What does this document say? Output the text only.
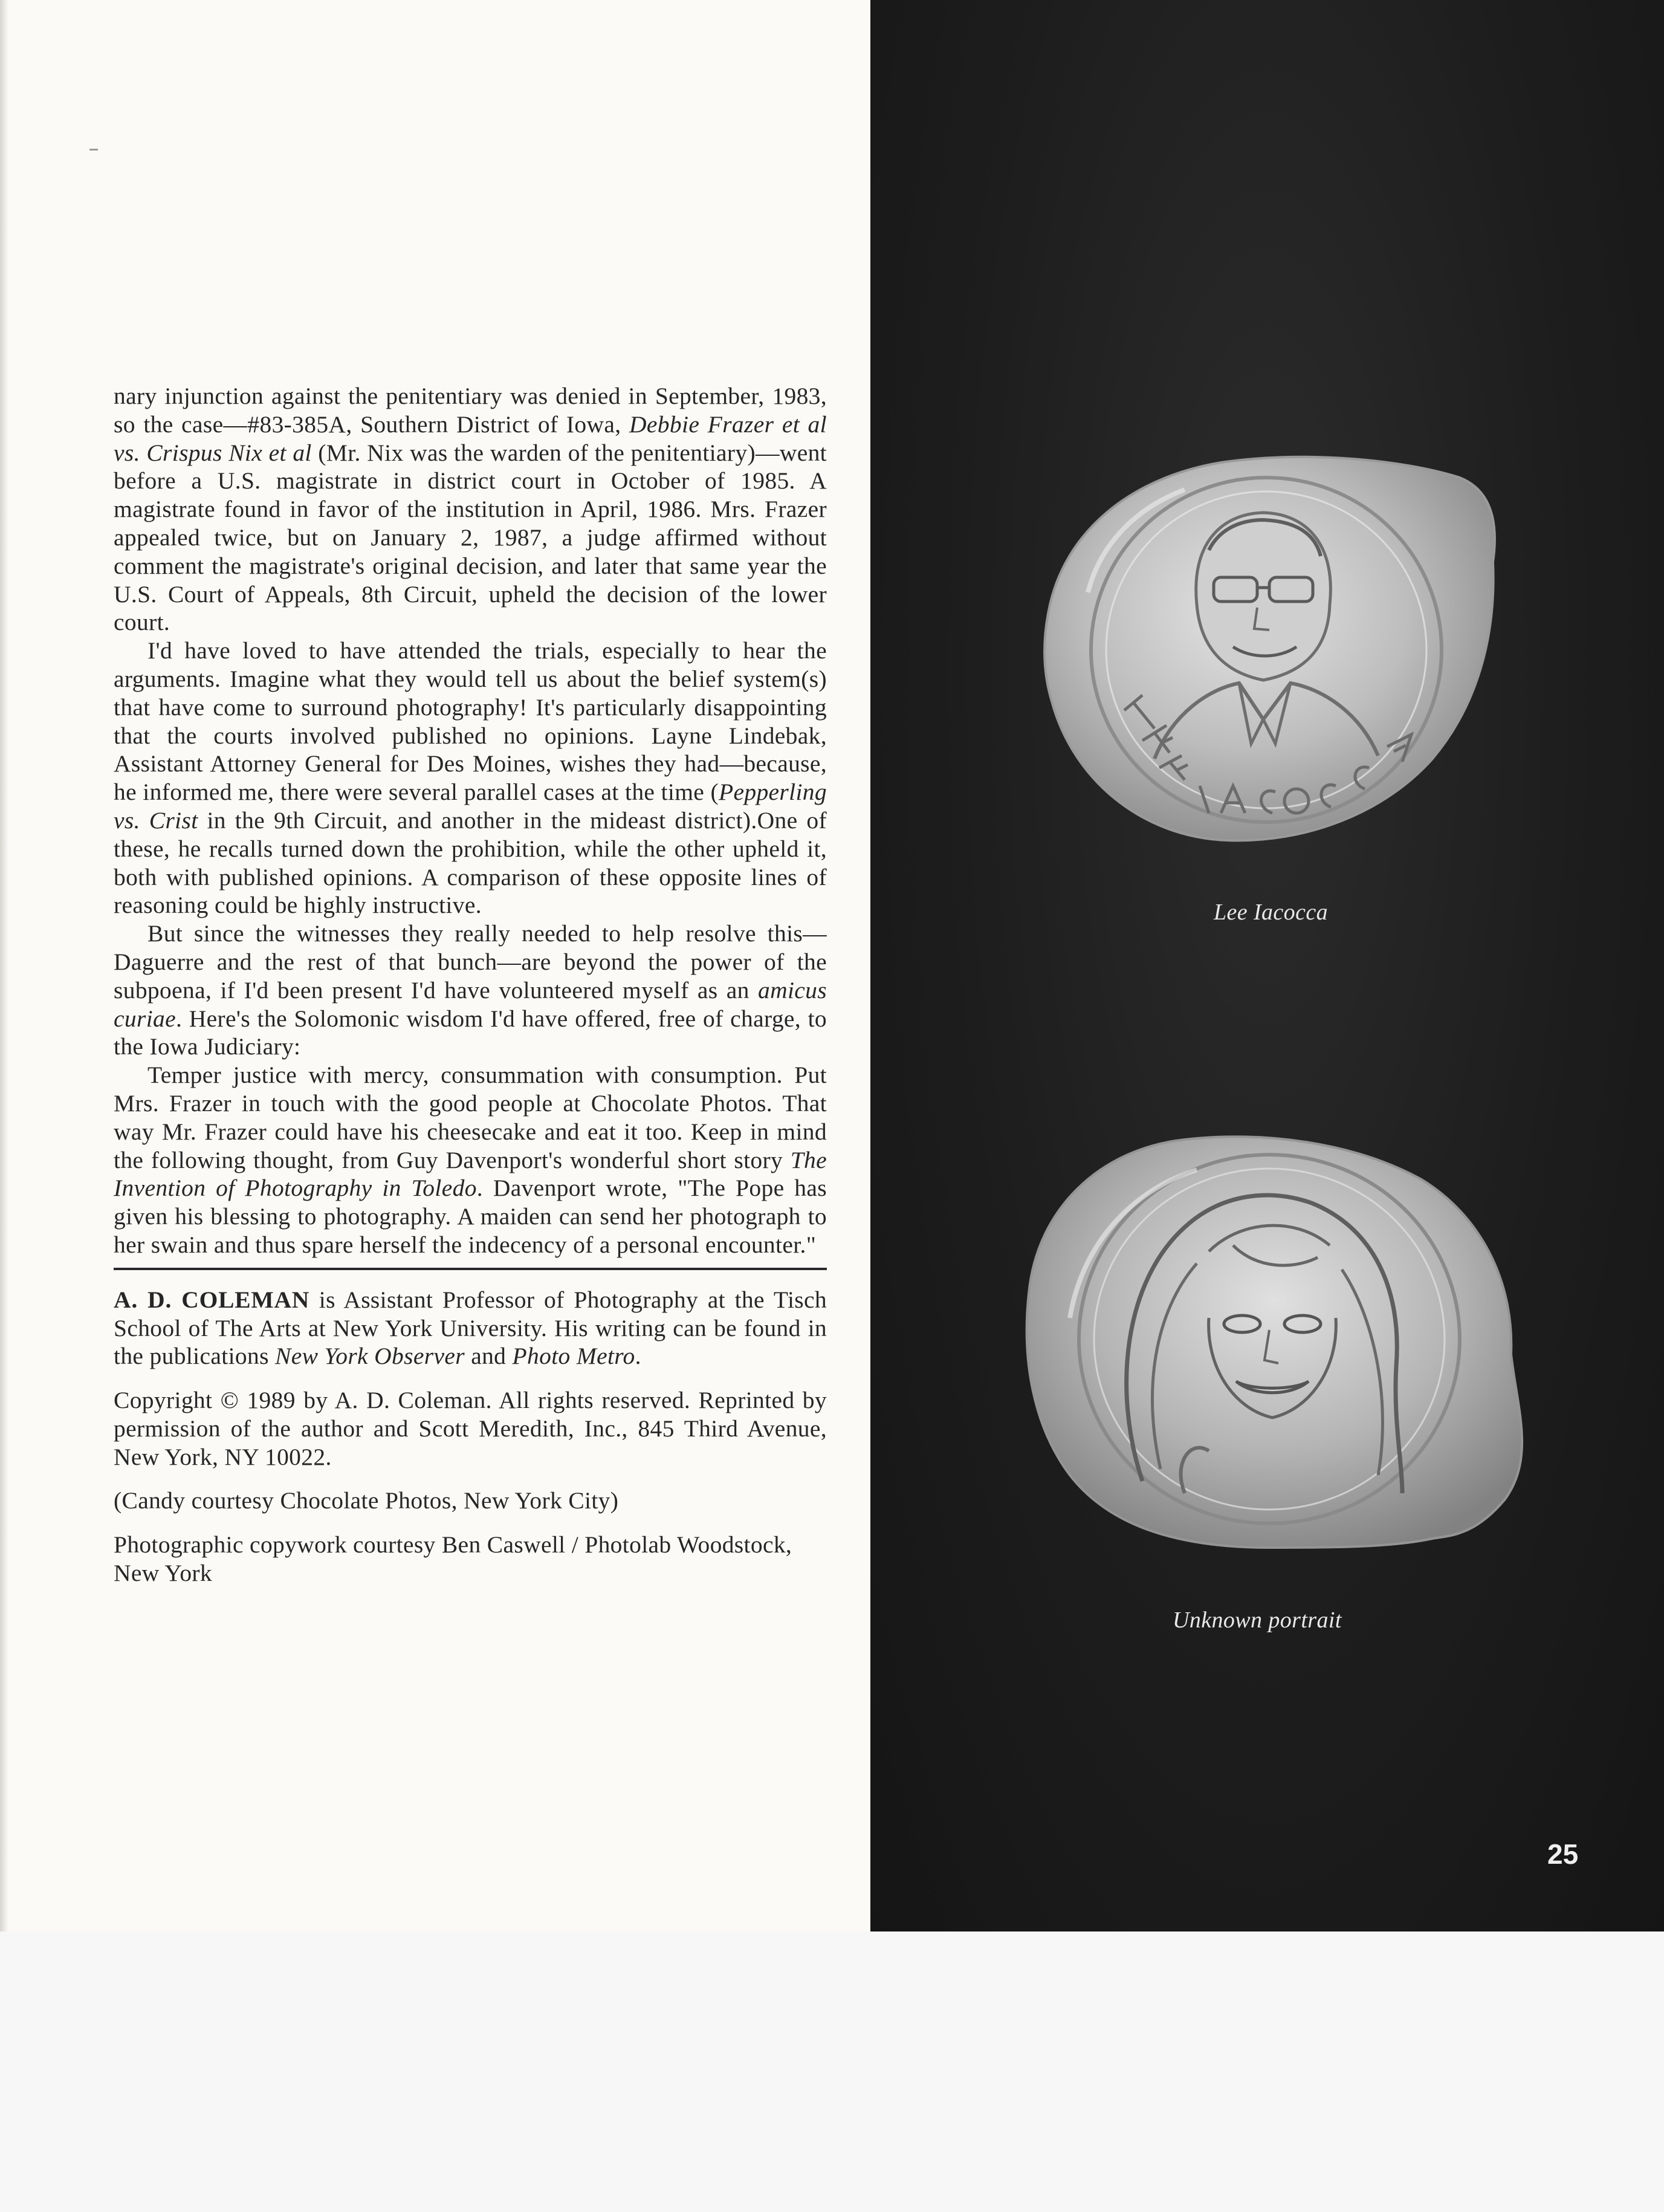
nary injunction against the penitentiary was denied in September, 1983, so the case—#83-385A, Southern District of Iowa, Debbie Frazer et al vs. Crispus Nix et al (Mr. Nix was the warden of the penitentiary)—went before a U.S. magistrate in district court in October of 1985. A magistrate found in favor of the institution in April, 1986. Mrs. Frazer appealed twice, but on January 2, 1987, a judge affirmed without comment the magistrate's original decision, and later that same year the U.S. Court of Appeals, 8th Circuit, upheld the decision of the lower court.

I'd have loved to have attended the trials, especially to hear the arguments. Imagine what they would tell us about the belief system(s) that have come to surround photography! It's particularly disappointing that the courts involved published no opinions. Layne Lindebak, Assistant Attorney General for Des Moines, wishes they had—because, he informed me, there were several parallel cases at the time (Pepperling vs. Crist in the 9th Circuit, and another in the mideast district).One of these, he recalls turned down the prohibition, while the other upheld it, both with published opinions. A comparison of these opposite lines of reasoning could be highly instructive.

But since the witnesses they really needed to help resolve this—Daguerre and the rest of that bunch—are beyond the power of the subpoena, if I'd been present I'd have volunteered myself as an amicus curiae. Here's the Solomonic wisdom I'd have offered, free of charge, to the Iowa Judiciary:

Temper justice with mercy, consummation with consumption. Put Mrs. Frazer in touch with the good people at Chocolate Photos. That way Mr. Frazer could have his cheesecake and eat it too. Keep in mind the following thought, from Guy Davenport's wonderful short story The Invention of Photography in Toledo. Davenport wrote, "The Pope has given his blessing to photography. A maiden can send her photograph to her swain and thus spare herself the indecency of a personal encounter."

A. D. COLEMAN is Assistant Professor of Photography at the Tisch School of The Arts at New York University. His writing can be found in the publications New York Observer and Photo Metro.

Copyright © 1989 by A. D. Coleman. All rights reserved. Reprinted by permission of the author and Scott Meredith, Inc., 845 Third Avenue, New York, NY 10022.

(Candy courtesy Chocolate Photos, New York City)

Photographic copywork courtesy Ben Caswell / Photolab Woodstock, New York

Lee Iacocca
Unknown portrait
25
